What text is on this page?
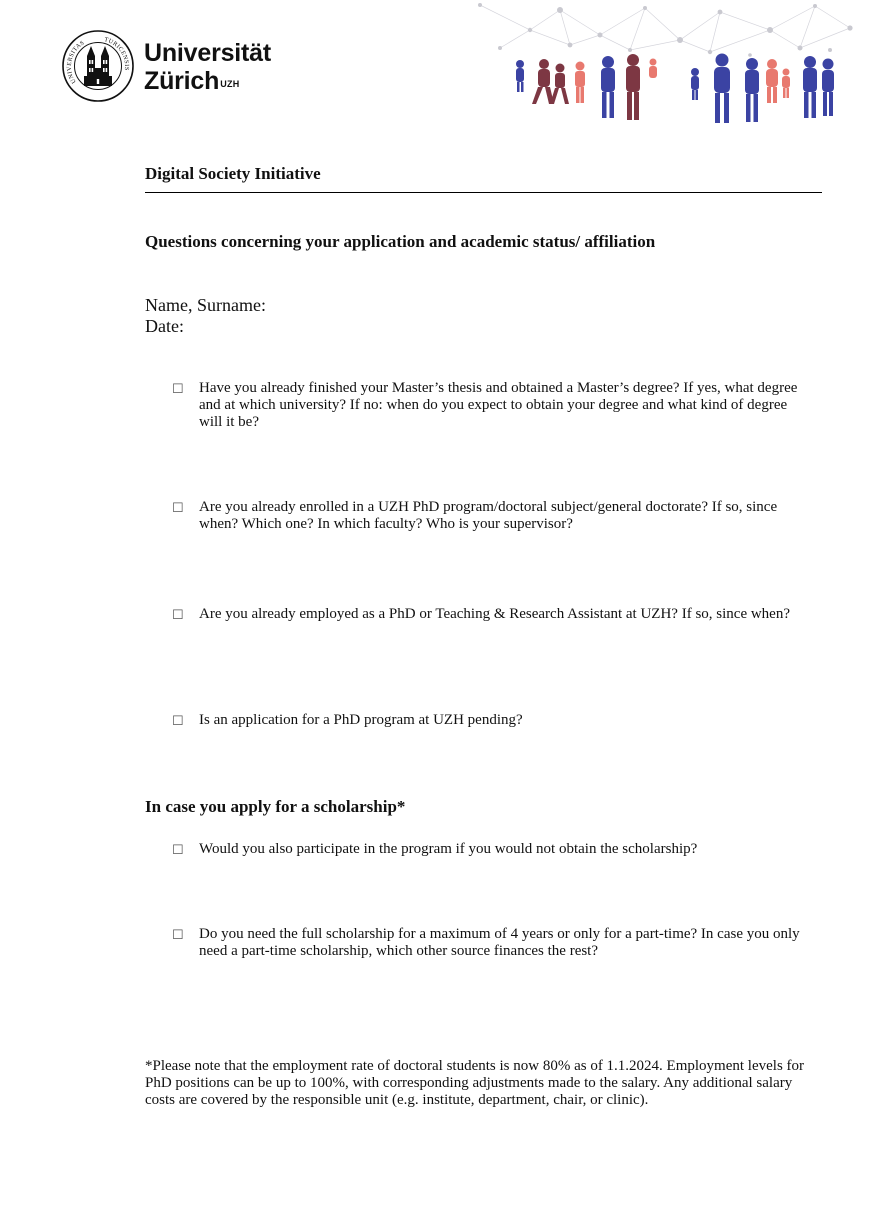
UNIVERSITAS	TURICENSIS
Universität
Zürich$^{UZH}$
Digital Society Initiative
Questions concerning your application and academic status/ affiliation
Name, Surname:
Date:
☐	Have you already finished your Master’s thesis and obtained a Master’s degree? If yes, what degree and at which university? If no: when do you expect to obtain your degree and what kind of degree will it be?
☐	Are you already enrolled in a UZH PhD program/doctoral subject/general doctorate? If so, since when? Which one? In which faculty? Who is your supervisor?
☐	Are you already employed as a PhD or Teaching & Research Assistant at UZH? If so, since when?
☐	Is an application for a PhD program at UZH pending?
In case you apply for a scholarship*
☐	Would you also participate in the program if you would not obtain the scholarship?
☐	Do you need the full scholarship for a maximum of 4 years or only for a part-time? In case you only need a part-time scholarship, which other source finances the rest?
*Please note that the employment rate of doctoral students is now 80% as of 1.1.2024. Employment levels for PhD positions can be up to 100%, with corresponding adjustments made to the salary. Any additional salary costs are covered by the responsible unit (e.g. institute, department, chair, or clinic).
